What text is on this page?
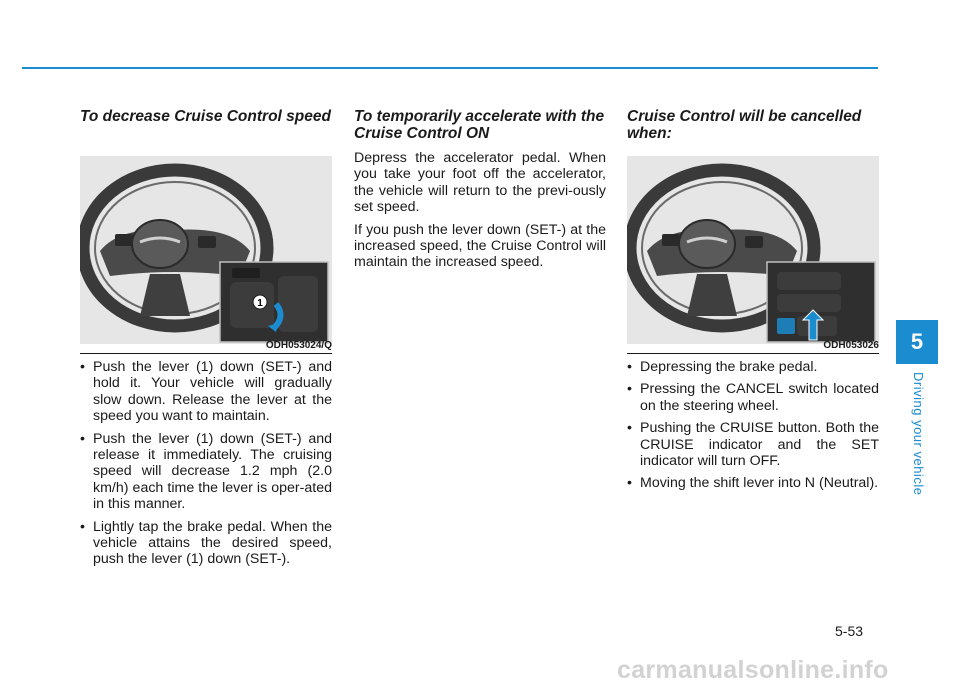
To decrease Cruise Control speed
1
ODH053024/Q
• Push the lever (1) down (SET-) and hold it. Your vehicle will gradually slow down. Release the lever at the speed you want to maintain.
• Push the lever (1) down (SET-) and release it immediately. The cruising speed will decrease 1.2 mph (2.0 km/h) each time the lever is oper-ated in this manner.
• Lightly tap the brake pedal. When the vehicle attains the desired speed, push the lever (1) down (SET-).
To temporarily accelerate with the Cruise Control ON

Depress the accelerator pedal. When you take your foot off the accelerator, the vehicle will return to the previ-ously set speed.

If you push the lever down (SET-) at the increased speed, the Cruise Control will maintain the increased speed.

Cruise Control will be cancelled when:
ODH053026
• Depressing the brake pedal.
• Pressing the CANCEL switch located on the steering wheel.
• Pushing the CRUISE button. Both the CRUISE indicator and the SET indicator will turn OFF.
• Moving the shift lever into N (Neutral).
5
Driving your vehicle
5-53
carmanualsonline.info
